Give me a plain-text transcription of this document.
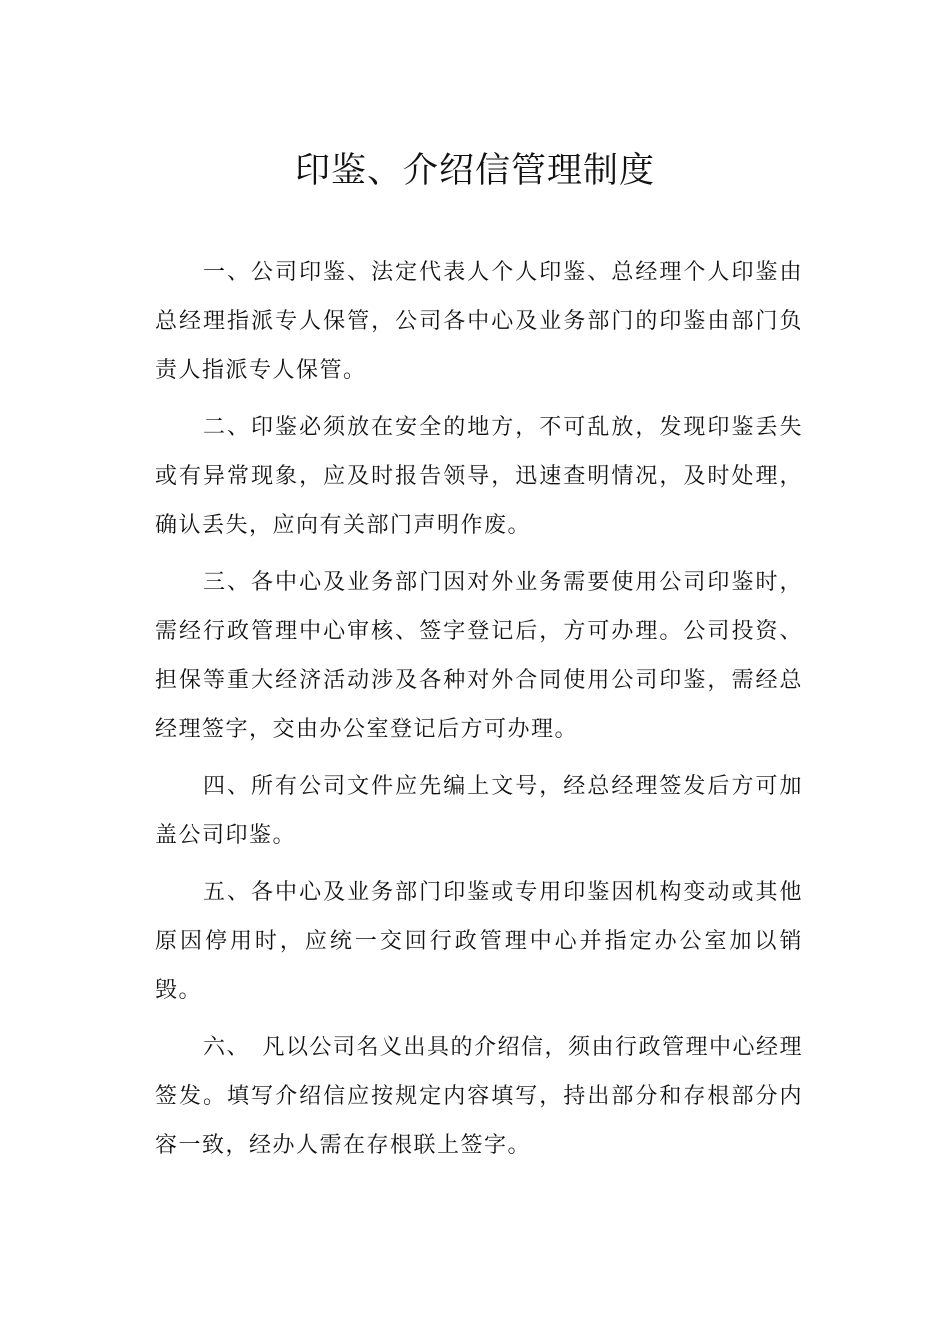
印鉴、介绍信管理制度

一、公司印鉴、法定代表人个人印鉴、总经理个人印鉴由总经理指派专人保管，公司各中心及业务部门的印鉴由部门负责人指派专人保管。

二、印鉴必须放在安全的地方，不可乱放，发现印鉴丢失或有异常现象，应及时报告领导，迅速查明情况，及时处理，确认丢失，应向有关部门声明作废。

三、各中心及业务部门因对外业务需要使用公司印鉴时，需经行政管理中心审核、签字登记后，方可办理。公司投资、担保等重大经济活动涉及各种对外合同使用公司印鉴，需经总经理签字，交由办公室登记后方可办理。

四、所有公司文件应先编上文号，经总经理签发后方可加盖公司印鉴。

五、各中心及业务部门印鉴或专用印鉴因机构变动或其他原因停用时，应统一交回行政管理中心并指定办公室加以销毁。

六、　凡以公司名义出具的介绍信，须由行政管理中心经理签发。填写介绍信应按规定内容填写，持出部分和存根部分内容一致，经办人需在存根联上签字。
